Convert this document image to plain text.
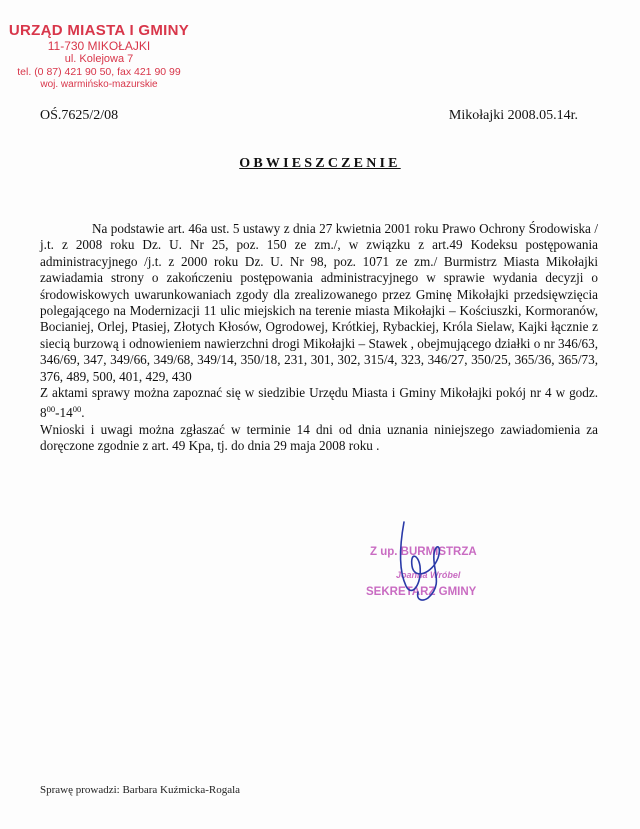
URZĄD MIASTA I GMINY
11-730 MIKOŁAJKI
ul. Kolejowa 7
tel. (0 87) 421 90 50, fax 421 90 99
woj. warmińsko-mazurskie
OŚ.7625/2/08	Mikołajki 2008.05.14r.
OBWIESZCZENIE

Na podstawie art. 46a ust. 5 ustawy z dnia 27 kwietnia 2001 roku Prawo Ochrony Środowiska / j.t. z 2008 roku Dz. U. Nr 25, poz. 150 ze zm./, w związku z art.49 Kodeksu postępowania administracyjnego /j.t. z 2000 roku Dz. U. Nr 98, poz. 1071 ze zm./ Burmistrz Miasta Mikołajki zawiadamia strony o zakończeniu postępowania administracyjnego w sprawie wydania decyzji o środowiskowych uwarunkowaniach zgody dla zrealizowanego przez Gminę Mikołajki przedsięwzięcia polegającego na Modernizacji 11 ulic miejskich na terenie miasta Mikołajki – Kościuszki, Kormoranów, Bocianiej, Orlej, Ptasiej, Złotych Kłosów, Ogrodowej, Krótkiej, Rybackiej, Króla Sielaw, Kajki łącznie z siecią burzową i odnowieniem nawierzchni drogi Mikołajki – Stawek , obejmującego działki o nr 346/63, 346/69, 347, 349/66, 349/68, 349/14, 350/18, 231, 301, 302, 315/4, 323, 346/27, 350/25, 365/36, 365/73, 376, 489, 500, 401, 429, 430

Z aktami sprawy można zapoznać się w siedzibie Urzędu Miasta i Gminy Mikołajki pokój nr 4 w godz. $8^{00}-14^{00}$.

Wnioski i uwagi można zgłaszać w terminie 14 dni od dnia uznania niniejszego zawiadomienia za doręczone zgodnie z art. 49 Kpa, tj. do dnia 29 maja 2008 roku .

Z up. BURMISTRZA
Joanna Wróbel
SEKRETARZ GMINY
Sprawę prowadzi: Barbara Kuźmicka-Rogala
